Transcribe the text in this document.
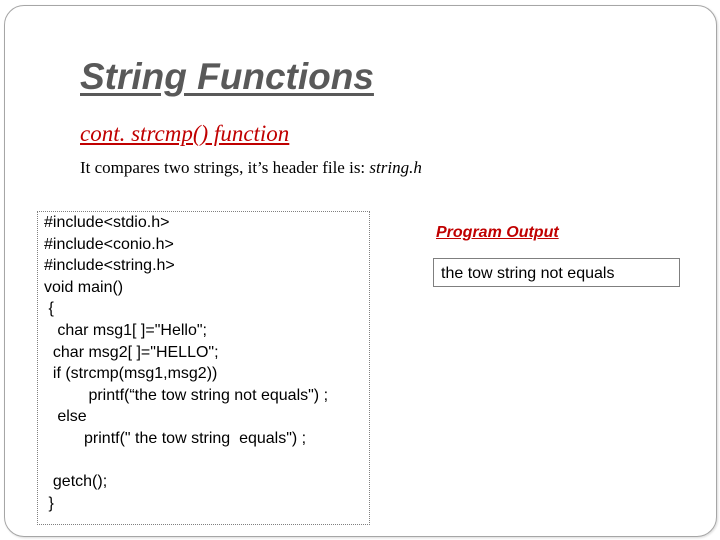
String Functions
cont. strcmp() function
It compares two strings, it’s header file is: string.h
#include<stdio.h>
#include<conio.h>
#include<string.h>
void main()
{
char msg1[ ]="Hello";
char msg2[ ]="HELLO";
if (strcmp(msg1,msg2))
printf(“the tow string not equals") ;
else
printf(" the tow string  equals") ;
getch();
}
Program Output
the tow string not equals
